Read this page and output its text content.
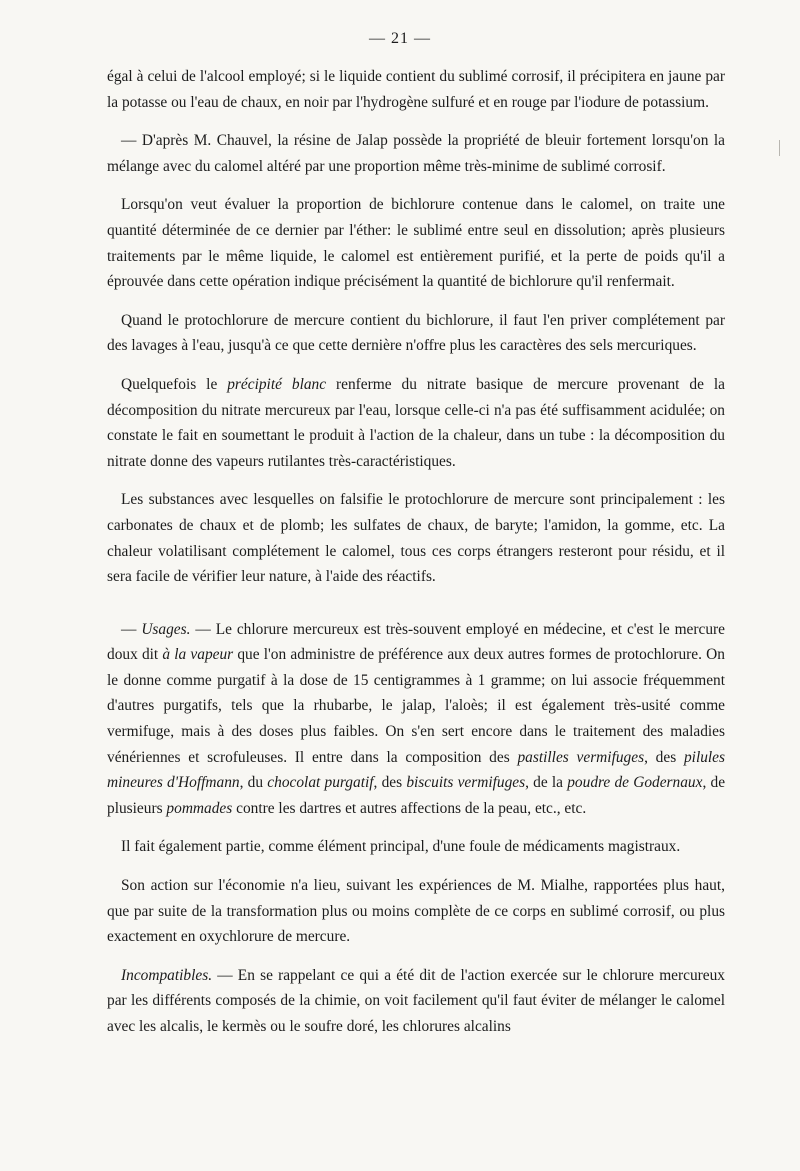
— 21 —

égal à celui de l'alcool employé; si le liquide contient du sublimé corrosif, il précipitera en jaune par la potasse ou l'eau de chaux, en noir par l'hydrogène sulfuré et en rouge par l'iodure de potassium.

— D'après M. Chauvel, la résine de Jalap possède la propriété de bleuir fortement lorsqu'on la mélange avec du calomel altéré par une proportion même très-minime de sublimé corrosif.

Lorsqu'on veut évaluer la proportion de bichlorure contenue dans le calomel, on traite une quantité déterminée de ce dernier par l'éther: le sublimé entre seul en dissolution; après plusieurs traitements par le même liquide, le calomel est entièrement purifié, et la perte de poids qu'il a éprouvée dans cette opération indique précisément la quantité de bichlorure qu'il renfermait.

Quand le protochlorure de mercure contient du bichlorure, il faut l'en priver complétement par des lavages à l'eau, jusqu'à ce que cette dernière n'offre plus les caractères des sels mercuriques.

Quelquefois le précipité blanc renferme du nitrate basique de mercure provenant de la décomposition du nitrate mercureux par l'eau, lorsque celle-ci n'a pas été suffisamment acidulée; on constate le fait en soumettant le produit à l'action de la chaleur, dans un tube : la décomposition du nitrate donne des vapeurs rutilantes très-caractéristiques.

Les substances avec lesquelles on falsifie le protochlorure de mercure sont principalement : les carbonates de chaux et de plomb; les sulfates de chaux, de baryte; l'amidon, la gomme, etc. La chaleur volatilisant complétement le calomel, tous ces corps étrangers resteront pour résidu, et il sera facile de vérifier leur nature, à l'aide des réactifs.

— Usages. — Le chlorure mercureux est très-souvent employé en médecine, et c'est le mercure doux dit à la vapeur que l'on administre de préférence aux deux autres formes de protochlorure. On le donne comme purgatif à la dose de 15 centigrammes à 1 gramme; on lui associe fréquemment d'autres purgatifs, tels que la rhubarbe, le jalap, l'aloès; il est également très-usité comme vermifuge, mais à des doses plus faibles. On s'en sert encore dans le traitement des maladies vénériennes et scrofuleuses. Il entre dans la composition des pastilles vermifuges, des pilules mineures d'Hoffmann, du chocolat purgatif, des biscuits vermifuges, de la poudre de Godernaux, de plusieurs pommades contre les dartres et autres affections de la peau, etc., etc.

Il fait également partie, comme élément principal, d'une foule de médicaments magistraux.

Son action sur l'économie n'a lieu, suivant les expériences de M. Mialhe, rapportées plus haut, que par suite de la transformation plus ou moins complète de ce corps en sublimé corrosif, ou plus exactement en oxychlorure de mercure.

Incompatibles. — En se rappelant ce qui a été dit de l'action exercée sur le chlorure mercureux par les différents composés de la chimie, on voit facilement qu'il faut éviter de mélanger le calomel avec les alcalis, le kermès ou le soufre doré, les chlorures alcalins
